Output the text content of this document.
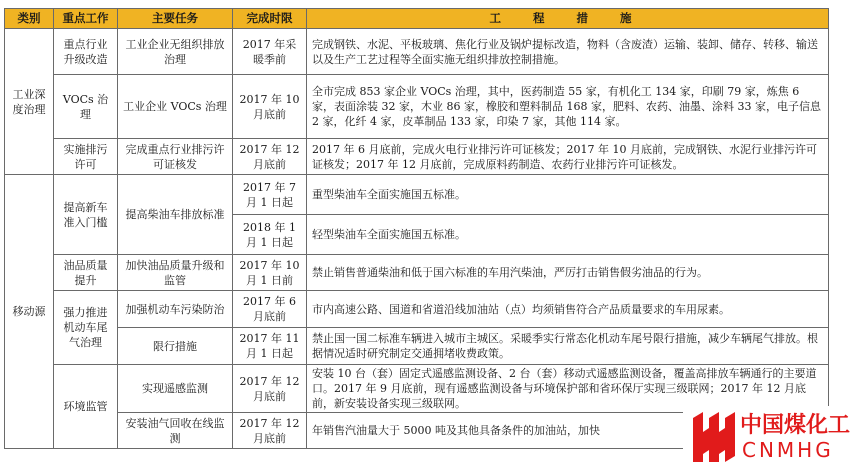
类别	重点工作	主要任务	完成时限	工 程 措 施
工业深度治理	重点行业升级改造	工业企业无组织排放治理	2017 年采暖季前	完成钢铁、水泥、平板玻璃、焦化行业及锅炉提标改造，物料（含废渣）运输、装卸、储存、转移、输送以及生产工艺过程等全面实施无组织排放控制措施。
	VOCs 治理	工业企业 VOCs 治理	2017 年 10 月底前	全市完成 853 家企业 VOCs 治理，其中，医药制造 55 家，有机化工 134 家，印刷 79 家，炼焦 6 家，表面涂装 32 家，木业 86 家，橡胶和塑料制品 168 家，肥料、农药、油墨、涂料 33 家，电子信息 2 家，化纤 4 家，皮革制品 133 家，印染 7 家，其他 114 家。
	实施排污许可	完成重点行业排污许可证核发	2017 年 12 月底前	2017 年 6 月底前，完成火电行业排污许可证核发；2017 年 10 月底前，完成钢铁、水泥行业排污许可证核发；2017 年 12 月底前，完成原料药制造、农药行业排污许可证核发。
移动源	提高新车准入门槛	提高柴油车排放标准	2017 年 7 月 1 日起	重型柴油车全面实施国五标准。
			2018 年 1 月 1 日起	轻型柴油车全面实施国五标准。
	油品质量提升	加快油品质量升级和监管	2017 年 10 月 1 日前	禁止销售普通柴油和低于国六标准的车用汽柴油，严厉打击销售假劣油品的行为。
	强力推进机动车尾气治理	加强机动车污染防治	2017 年 6 月底前	市内高速公路、国道和省道沿线加油站（点）均须销售符合产品质量要求的车用尿素。
		限行措施	2017 年 11 月 1 日起	禁止国一国二标准车辆进入城市主城区。采暖季实行常态化机动车尾号限行措施，减少车辆尾气排放。根据情况适时研究制定交通拥堵收费政策。
	环境监管	实现遥感监测	2017 年 12 月底前	安装 10 台（套）固定式遥感监测设备、2 台（套）移动式遥感监测设备，覆盖高排放车辆通行的主要道口。2017 年 9 月底前，现有遥感监测设备与环境保护部和省环保厅实现三级联网；2017 年 12 月底前，新安装设备实现三级联网。
		安装油气回收在线监测	2017 年 12 月底前	年销售汽油量大于 5000 吨及其他具备条件的加油站，加快	中国煤化工
CNMHG
